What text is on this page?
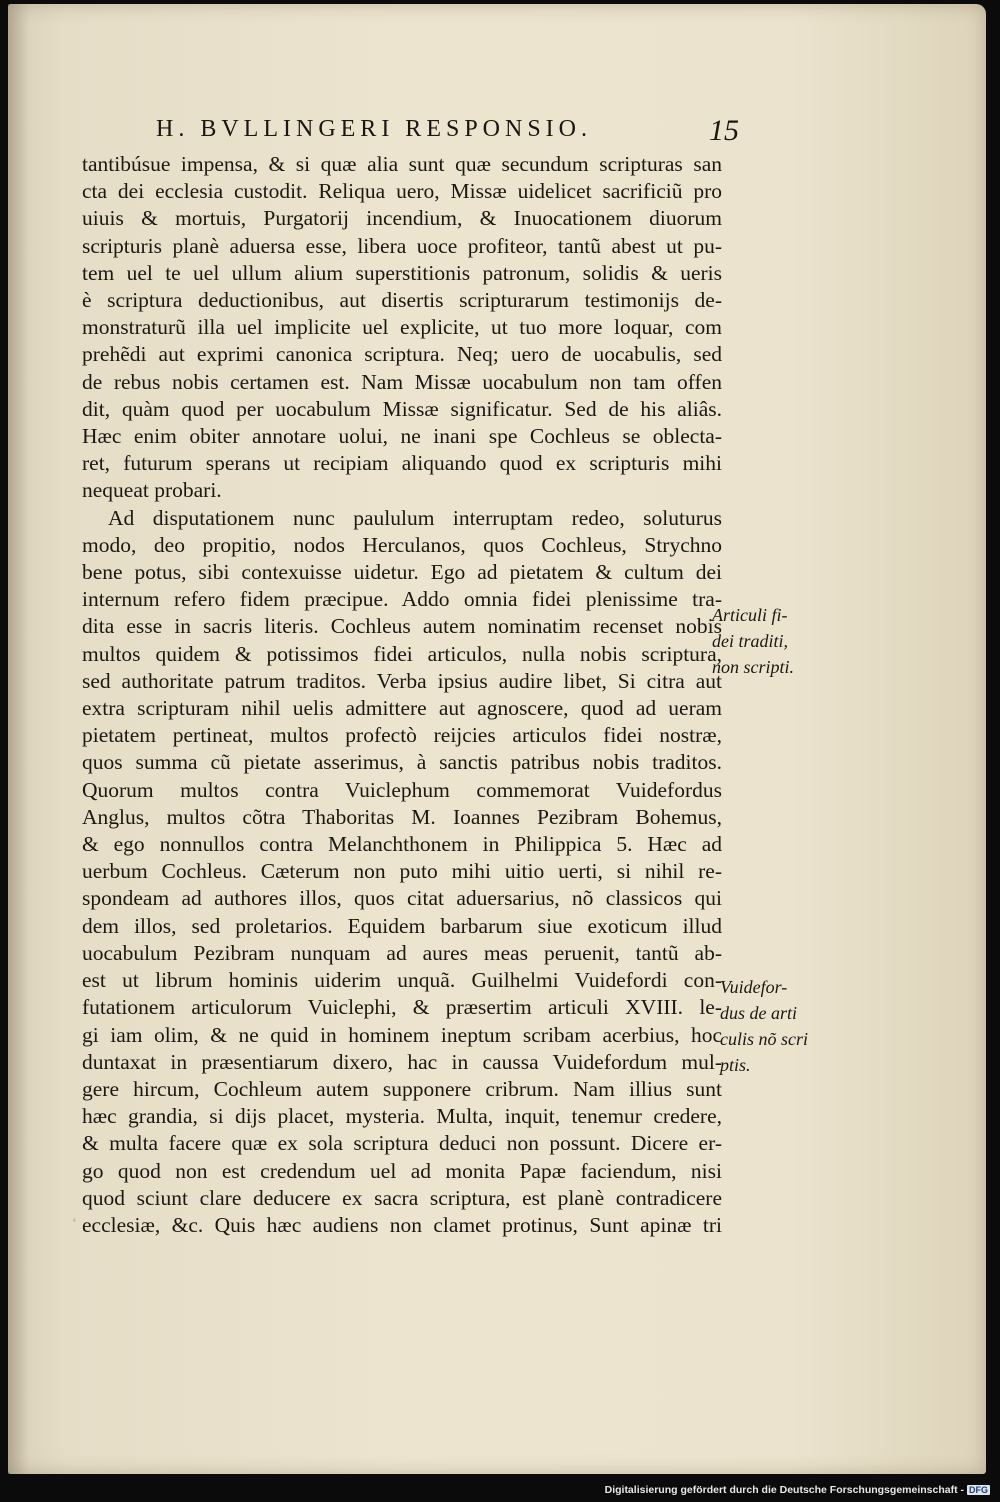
H. BVLLINGERI RESPONSIO.	15
tantibúsue impensa, & si quæ alia sunt quæ secundum scripturas san
cta dei ecclesia custodit. Reliqua uero, Missæ uidelicet sacrificiũ pro
uiuis & mortuis, Purgatorij incendium, & Inuocationem diuorum
scripturis planè aduersa esse, libera uoce profiteor, tantũ abest ut pu-
tem uel te uel ullum alium superstitionis patronum, solidis & ueris
è scriptura deductionibus, aut disertis scripturarum testimonijs de-
monstraturũ illa uel implicite uel explicite, ut tuo more loquar, com
prehẽdi aut exprimi canonica scriptura. Neq; uero de uocabulis, sed
de rebus nobis certamen est. Nam Missæ uocabulum non tam offen
dit, quàm quod per uocabulum Missæ significatur. Sed de his aliâs.
Hæc enim obiter annotare uolui, ne inani spe Cochleus se oblecta-
ret, futurum sperans ut recipiam aliquando quod ex scripturis mihi
nequeat probari.
Ad disputationem nunc paululum interruptam redeo, soluturus
modo, deo propitio, nodos Herculanos, quos Cochleus, Strychno
bene potus, sibi contexuisse uidetur. Ego ad pietatem & cultum dei
internum refero fidem præcipue. Addo omnia fidei plenissime tra-
dita esse in sacris literis. Cochleus autem nominatim recenset nobis
multos quidem & potissimos fidei articulos, nulla nobis scriptura,
sed authoritate patrum traditos. Verba ipsius audire libet, Si citra aut
extra scripturam nihil uelis admittere aut agnoscere, quod ad ueram
pietatem pertineat, multos profectò reijcies articulos fidei nostræ,
quos summa cũ pietate asserimus, à sanctis patribus nobis traditos.
Quorum multos contra Vuiclephum commemorat Vuidefordus
Anglus, multos cõtra Thaboritas M. Ioannes Pezibram Bohemus,
& ego nonnullos contra Melanchthonem in Philippica 5. Hæc ad
uerbum Cochleus. Cæterum non puto mihi uitio uerti, si nihil re-
spondeam ad authores illos, quos citat aduersarius, nõ classicos qui
dem illos, sed proletarios. Equidem barbarum siue exoticum illud
uocabulum Pezibram nunquam ad aures meas peruenit, tantũ ab-
est ut librum hominis uiderim unquã. Guilhelmi Vuidefordi con-
futationem articulorum Vuiclephi, & præsertim articuli XVIII. le-
gi iam olim, & ne quid in hominem ineptum scribam acerbius, hoc
duntaxat in præsentiarum dixero, hac in caussa Vuidefordum mul-
gere hircum, Cochleum autem supponere cribrum. Nam illius sunt
hæc grandia, si dijs placet, mysteria. Multa, inquit, tenemur credere,
& multa facere quæ ex sola scriptura deduci non possunt. Dicere er-
go quod non est credendum uel ad monita Papæ faciendum, nisi
quod sciunt clare deducere ex sacra scriptura, est planè contradicere
ecclesiæ, &c. Quis hæc audiens non clamet protinus, Sunt apinæ tri
Articuli fi-
dei traditi,
non scripti.
Vuidefor-
dus de arti
culis nõ scri
ptis.
‘
Digitalisierung gefördert durch die Deutsche Forschungsgemeinschaft - DFG
